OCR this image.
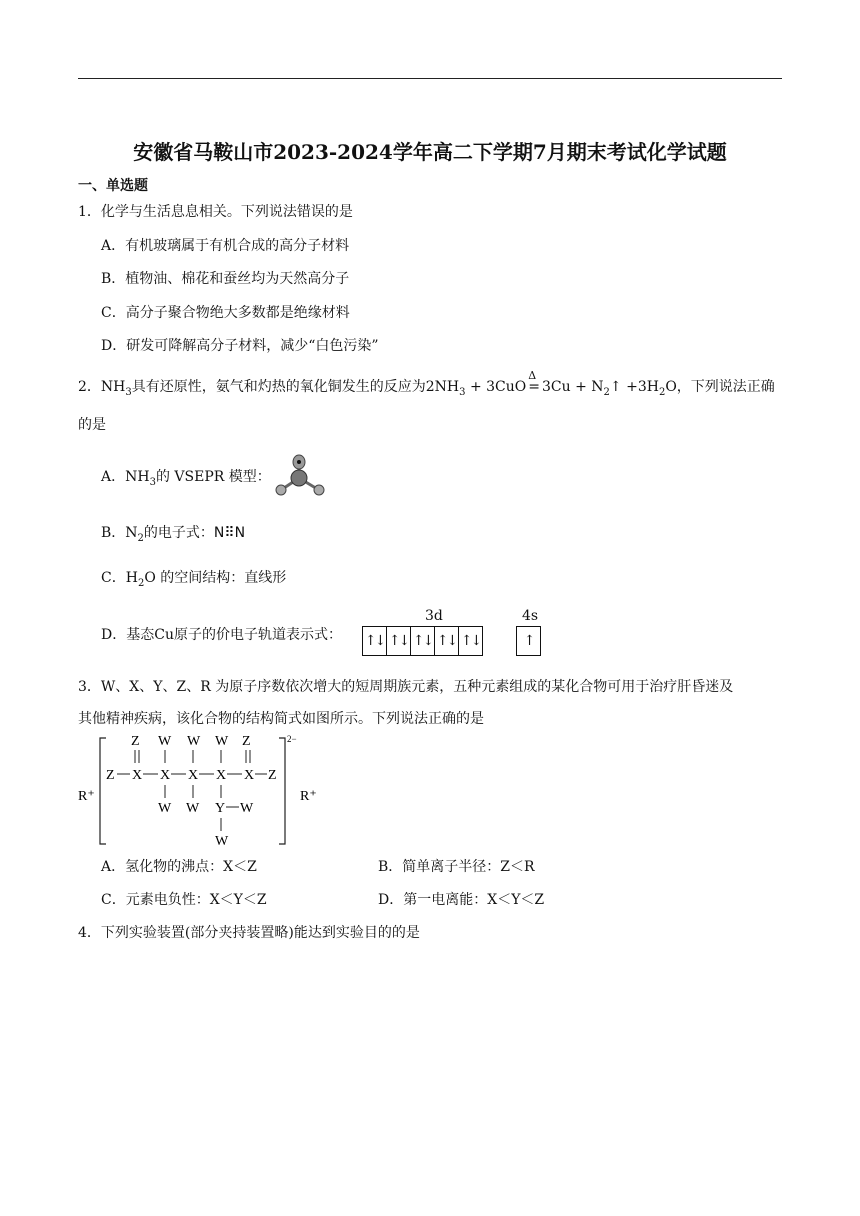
安徽省马鞍山市2023-2024学年高二下学期7月期末考试化学试题
一、单选题
1．化学与生活息息相关。下列说法错误的是
A．有机玻璃属于有机合成的高分子材料
B．植物油、棉花和蚕丝均为天然高分子
C．高分子聚合物绝大多数都是绝缘材料
D．研发可降解高分子材料，减少“白色污染”
2．$NH_3$具有还原性，氨气和灼热的氧化铜发生的反应为$2NH_3 + 3CuO$ =
Δ
$3Cu + N_2↑ +3H_2O$，下列说法正确
的是
A．$NH_3$的 VSEPR 模型：
B．$N_2$的电子式：N⠿N
C．$H_2O$ 的空间结构：直线形
D．基态Cu原子的价电子轨道表示式：
3d	4s
↑↓ ↑↓ ↑↓ ↑↓ ↑↓	↑
3．W、X、Y、Z、R 为原子序数依次增大的短周期族元素，五种元素组成的某化合物可用于治疗肝昏迷及
其他精神疾病，该化合物的结构简式如图所示。下列说法正确的是
R⁺	R⁺
2−
Z W W W Z
Z X X X X X Z
W W Y W
W
A．氢化物的沸点：X＜Z	B．简单离子半径：Z＜R
C．元素电负性：X＜Y＜Z	D．第一电离能：X＜Y＜Z
4．下列实验装置(部分夹持装置略)能达到实验目的的是
